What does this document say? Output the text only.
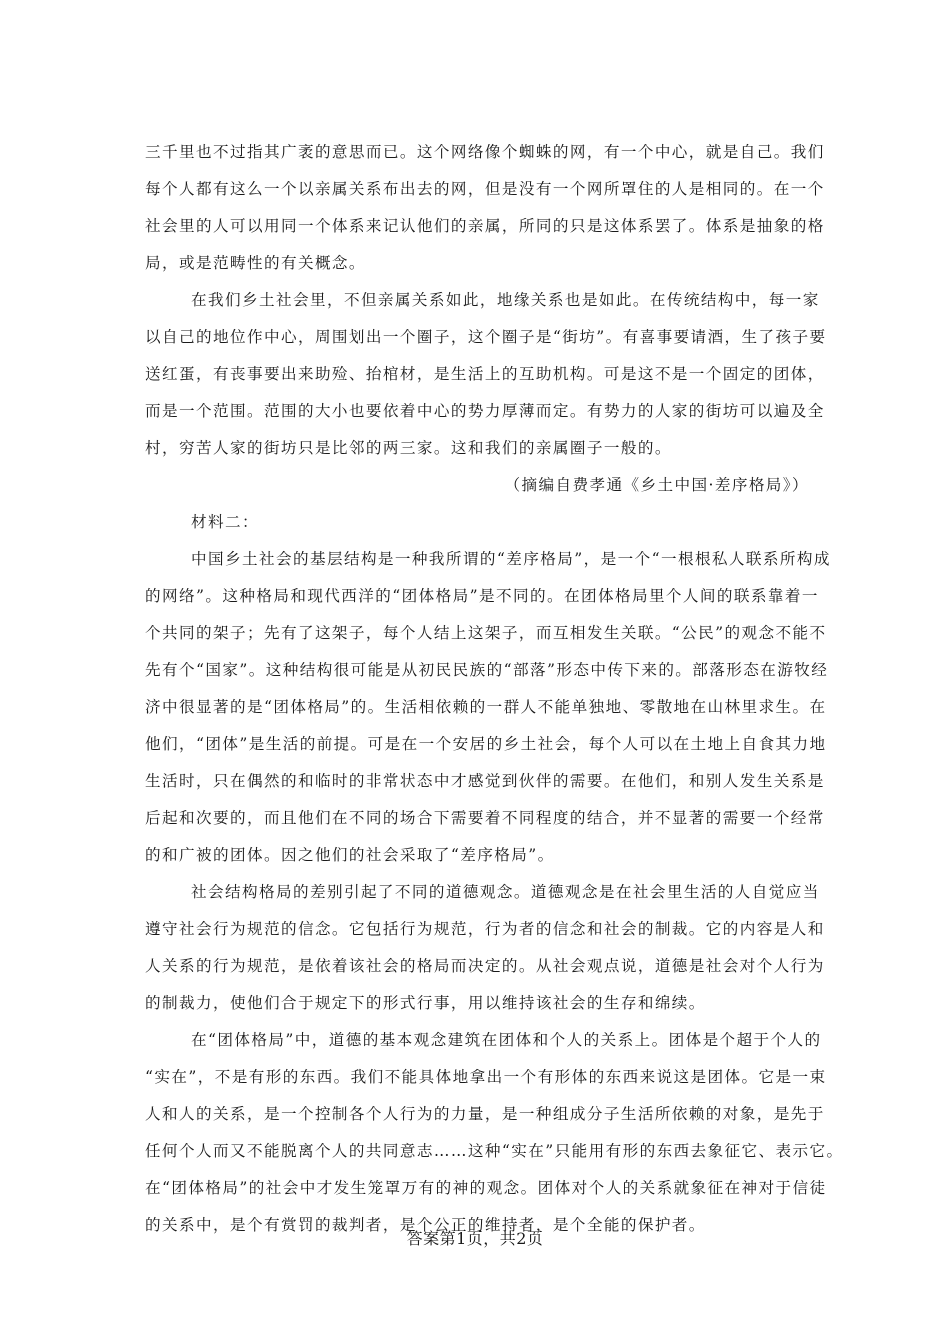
三千里也不过指其广袤的意思而已。这个网络像个蜘蛛的网，有一个中心，就是自己。我们
每个人都有这么一个以亲属关系布出去的网，但是没有一个网所罩住的人是相同的。在一个
社会里的人可以用同一个体系来记认他们的亲属，所同的只是这体系罢了。体系是抽象的格
局，或是范畴性的有关概念。
在我们乡土社会里，不但亲属关系如此，地缘关系也是如此。在传统结构中，每一家
以自己的地位作中心，周围划出一个圈子，这个圈子是“街坊”。有喜事要请酒，生了孩子要
送红蛋，有丧事要出来助殓、抬棺材，是生活上的互助机构。可是这不是一个固定的团体，
而是一个范围。范围的大小也要依着中心的势力厚薄而定。有势力的人家的街坊可以遍及全
村，穷苦人家的街坊只是比邻的两三家。这和我们的亲属圈子一般的。
（摘编自费孝通《乡土中国·差序格局》）
材料二：
中国乡土社会的基层结构是一种我所谓的“差序格局”，是一个“一根根私人联系所构成
的网络”。这种格局和现代西洋的“团体格局”是不同的。在团体格局里个人间的联系靠着一
个共同的架子；先有了这架子，每个人结上这架子，而互相发生关联。“公民”的观念不能不
先有个“国家”。这种结构很可能是从初民民族的“部落”形态中传下来的。部落形态在游牧经
济中很显著的是“团体格局”的。生活相依赖的一群人不能单独地、零散地在山林里求生。在
他们，“团体”是生活的前提。可是在一个安居的乡土社会，每个人可以在土地上自食其力地
生活时，只在偶然的和临时的非常状态中才感觉到伙伴的需要。在他们，和别人发生关系是
后起和次要的，而且他们在不同的场合下需要着不同程度的结合，并不显著的需要一个经常
的和广被的团体。因之他们的社会采取了“差序格局”。
社会结构格局的差别引起了不同的道德观念。道德观念是在社会里生活的人自觉应当
遵守社会行为规范的信念。它包括行为规范，行为者的信念和社会的制裁。它的内容是人和
人关系的行为规范，是依着该社会的格局而决定的。从社会观点说，道德是社会对个人行为
的制裁力，使他们合于规定下的形式行事，用以维持该社会的生存和绵续。
在“团体格局”中，道德的基本观念建筑在团体和个人的关系上。团体是个超于个人的
“实在”，不是有形的东西。我们不能具体地拿出一个有形体的东西来说这是团体。它是一束
人和人的关系，是一个控制各个人行为的力量，是一种组成分子生活所依赖的对象，是先于
任何个人而又不能脱离个人的共同意志……这种“实在”只能用有形的东西去象征它、表示它。
在“团体格局”的社会中才发生笼罩万有的神的观念。团体对个人的关系就象征在神对于信徒
的关系中，是个有赏罚的裁判者，是个公正的维持者，是个全能的保护者。
答案第1页，共2页
